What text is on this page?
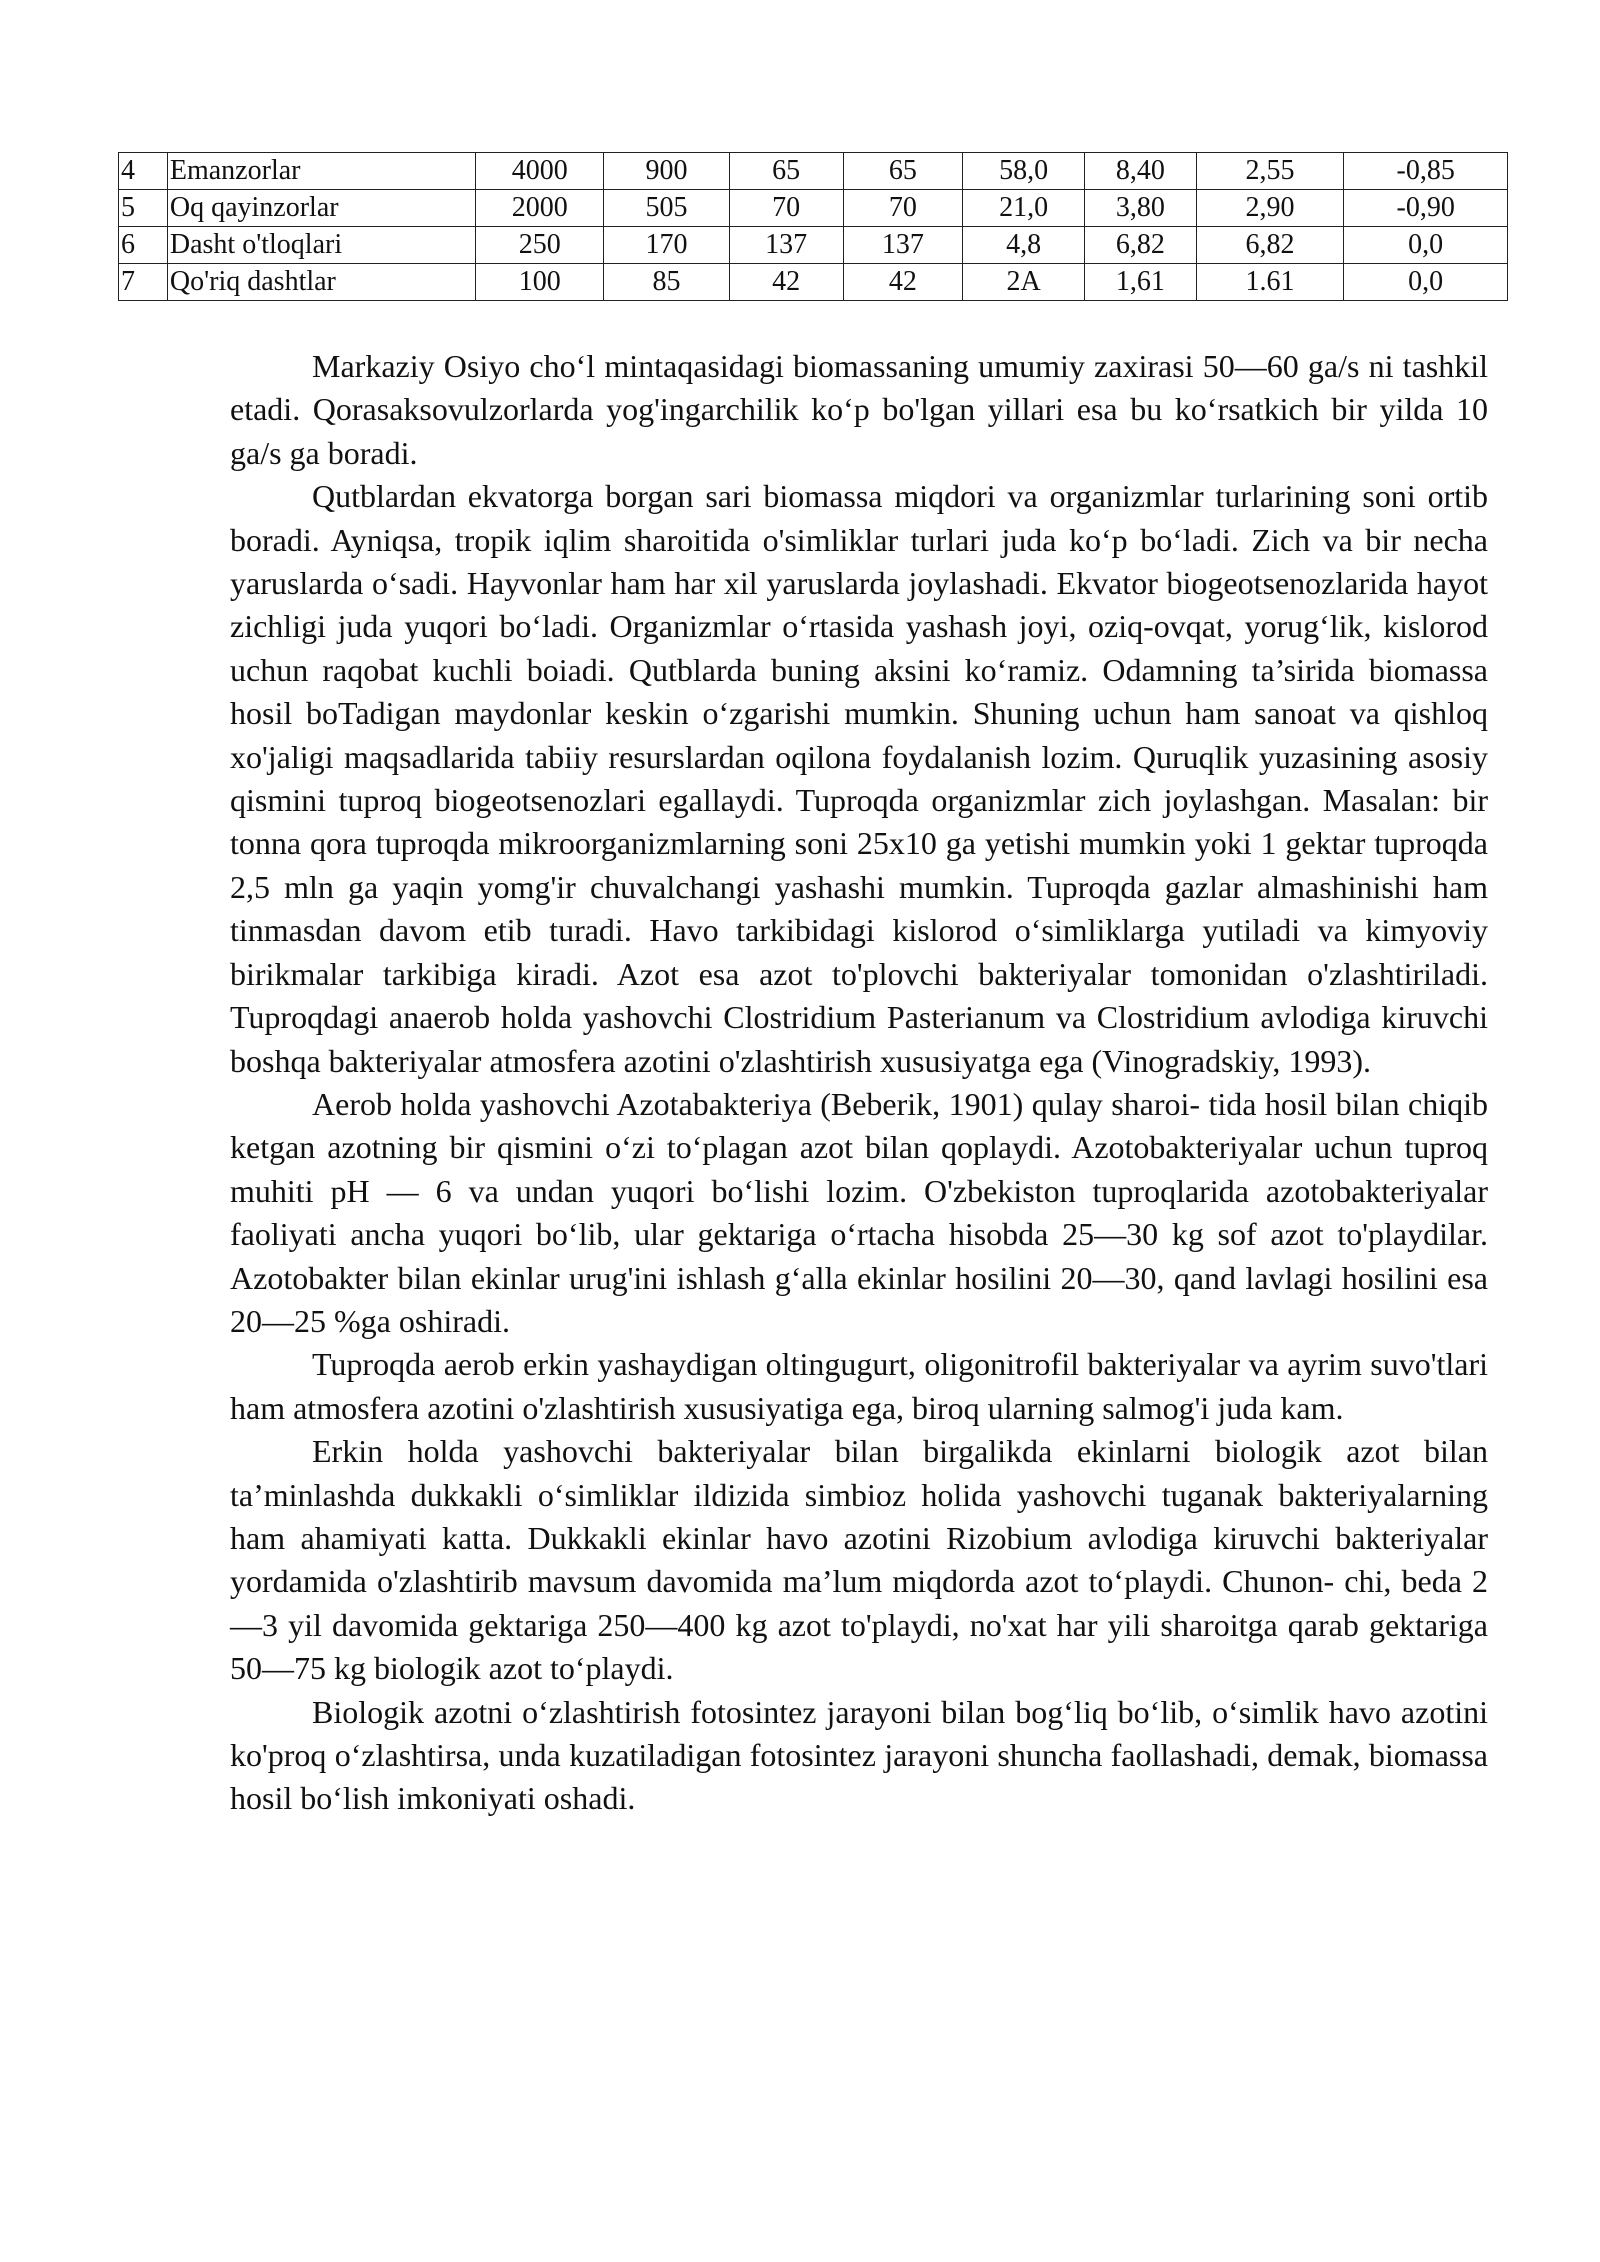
4	Emanzorlar	4000	900	65	65	58,0	8,40	2,55	-0,85
5	Oq qayinzorlar	2000	505	70	70	21,0	3,80	2,90	-0,90
6	Dasht o'tloqlari	250	170	137	137	4,8	6,82	6,82	0,0
7	Qo'riq dashtlar	100	85	42	42	2A	1,61	1.61	0,0

Markaziy Osiyo cho‘l mintaqasidagi biomassaning umumiy zaxirasi 50—60 ga/s ni tashkil etadi. Qorasaksovulzorlarda yog'ingarchilik ko‘p bo'lgan yillari esa bu ko‘rsatkich bir yilda 10 ga/s ga boradi.

Qutblardan ekvatorga borgan sari biomassa miqdori va organizmlar turlarining soni ortib boradi. Ayniqsa, tropik iqlim sharoitida o'simliklar turlari juda ko‘p bo‘ladi. Zich va bir necha yaruslarda o‘sadi. Hayvonlar ham har xil yaruslarda joylashadi. Ekvator biogeotsenozlarida hayot zichligi juda yuqori bo‘ladi. Organizmlar o‘rtasida yashash joyi, oziq-ovqat, yorug‘lik, kislorod uchun raqobat kuchli boiadi. Qutblarda buning aksini ko‘ramiz. Odamning ta’sirida biomassa hosil boTadigan maydonlar keskin o‘zgarishi mumkin. Shuning uchun ham sanoat va qishloq xo'jaligi maqsadlarida tabiiy resurslardan oqilona foydalanish lozim. Quruqlik yuzasining asosiy qismini tuproq biogeotsenozlari egallaydi. Tuproqda organizmlar zich joylashgan. Masalan: bir tonna qora tuproqda mikroorganizmlarning soni 25x10 ga yetishi mumkin yoki 1 gektar tuproqda 2,5 mln ga yaqin yomg'ir chuvalchangi yashashi mumkin. Tuproqda gazlar almashinishi ham tinmasdan davom etib turadi. Havo tarkibidagi kislorod o‘simliklarga yutiladi va kimyoviy birikmalar tarkibiga kiradi. Azot esa azot to'plovchi bakteriyalar tomonidan o'zlashtiriladi. Tuproqdagi anaerob holda yashovchi Clostridium Pasterianum va Clostridium avlodiga kiruvchi boshqa bakteriyalar atmosfera azotini o'zlashtirish xususiyatga ega (Vinogradskiy, 1993).

Aerob holda yashovchi Azotabakteriya (Beberik, 1901) qulay sharoi- tida hosil bilan chiqib ketgan azotning bir qismini o‘zi to‘plagan azot bilan qoplaydi. Azotobakteriyalar uchun tuproq muhiti pH — 6 va undan yuqori bo‘lishi lozim. O'zbekiston tuproqlarida azotobakteriyalar faoliyati ancha yuqori bo‘lib, ular gektariga o‘rtacha hisobda 25—30 kg sof azot to'playdilar. Azotobakter bilan ekinlar urug'ini ishlash g‘alla ekinlar hosilini 20—30, qand lavlagi hosilini esa 20—25 %ga oshiradi.

Tuproqda aerob erkin yashaydigan oltingugurt, oligonitrofil bakteriyalar va ayrim suvo'tlari ham atmosfera azotini o'zlashtirish xususiyatiga ega, biroq ularning salmog'i juda kam.

Erkin holda yashovchi bakteriyalar bilan birgalikda ekinlarni biologik azot bilan ta’minlashda dukkakli o‘simliklar ildizida simbioz holida yashovchi tuganak bakteriyalarning ham ahamiyati katta. Dukkakli ekinlar havo azotini Rizobium avlodiga kiruvchi bakteriyalar yordamida o'zlashtirib mavsum davomida ma’lum miqdorda azot to‘playdi. Chunon- chi, beda 2—3 yil davomida gektariga 250—400 kg azot to'playdi, no'xat har yili sharoitga qarab gektariga 50—75 kg biologik azot to‘playdi.

Biologik azotni o‘zlashtirish fotosintez jarayoni bilan bog‘liq bo‘lib, o‘simlik havo azotini ko'proq o‘zlashtirsa, unda kuzatiladigan fotosintez jarayoni shuncha faollashadi, demak, biomassa hosil bo‘lish imkoniyati oshadi.
